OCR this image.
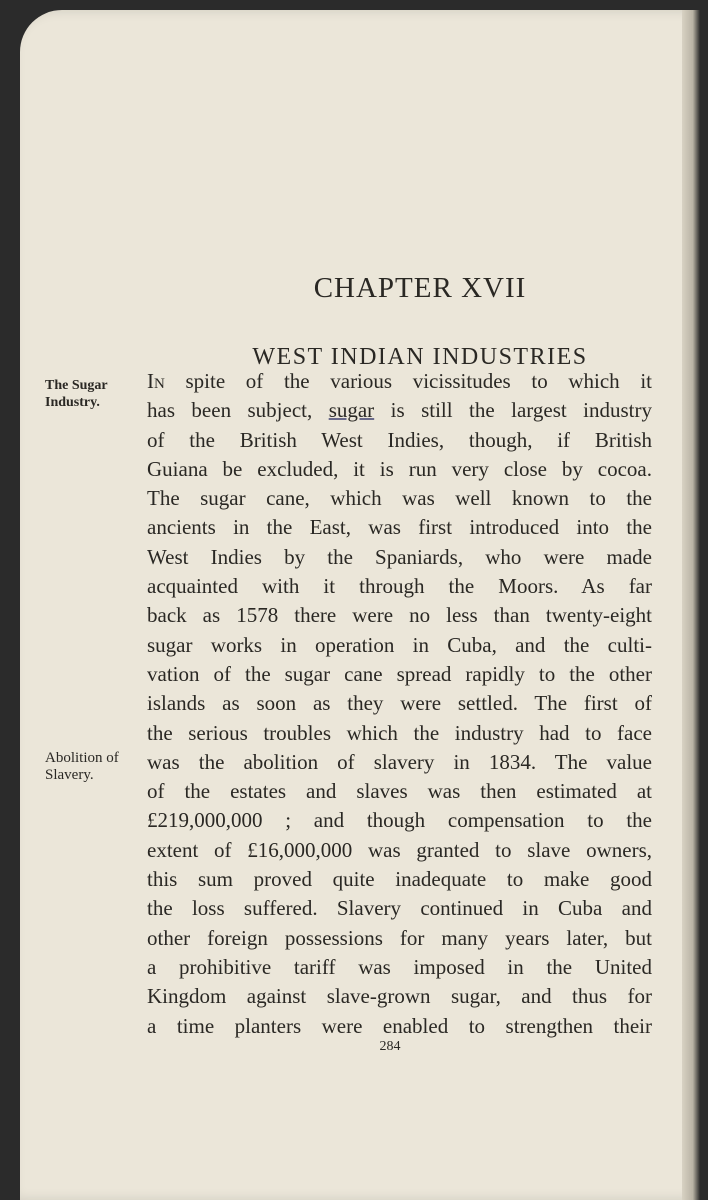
CHAPTER XVII
WEST INDIAN INDUSTRIES
The Sugar
Industry.
Abolition of
Slavery.
In spite of the various vicissitudes to which it
has been subject, sugar is still the largest industry
of the British West Indies, though, if British
Guiana be excluded, it is run very close by cocoa.
The sugar cane, which was well known to the
ancients in the East, was first introduced into the
West Indies by the Spaniards, who were made
acquainted with it through the Moors. As far
back as 1578 there were no less than twenty-eight
sugar works in operation in Cuba, and the culti-
vation of the sugar cane spread rapidly to the other
islands as soon as they were settled. The first of
the serious troubles which the industry had to face
was the abolition of slavery in 1834. The value
of the estates and slaves was then estimated at
£219,000,000 ; and though compensation to the
extent of £16,000,000 was granted to slave owners,
this sum proved quite inadequate to make good
the loss suffered. Slavery continued in Cuba and
other foreign possessions for many years later, but
a prohibitive tariff was imposed in the United
Kingdom against slave-grown sugar, and thus for
a time planters were enabled to strengthen their
284
